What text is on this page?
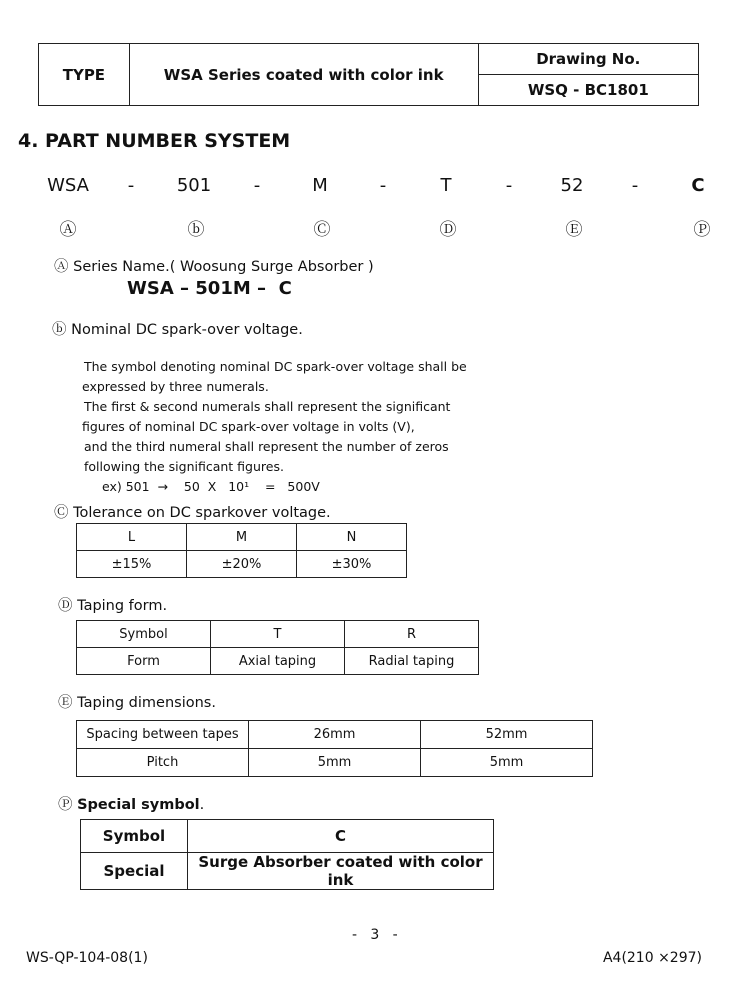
TYPE	WSA Series coated with color ink	Drawing No.
WSQ - BC1801
4. PART NUMBER SYSTEM
WSA - 501 -	M	-	T	-	52	-	C
Ⓐ	ⓑ	Ⓒ	Ⓓ	Ⓔ	Ⓟ
Ⓐ Series Name.( Woosung Surge Absorber )
WSA – 501M –  C
ⓑ Nominal DC spark-over voltage.
The symbol denoting nominal DC spark-over voltage shall be
expressed by three numerals.
The first & second numerals shall represent the significant
figures of nominal DC spark-over voltage in volts (V),
and the third numeral shall represent the number of zeros
following the significant figures.
ex) 501  →    50  X   10¹    =   500V
Ⓒ Tolerance on DC sparkover voltage.
L	M	N
±15%	±20%	±30%
Ⓓ Taping form.
Symbol	T	R
Form	Axial taping	Radial taping
Ⓔ Taping dimensions.
Spacing between tapes	26mm	52mm
Pitch	5mm	5mm
Ⓟ Special symbol.
Symbol	C
Special	Surge Absorber coated with color ink
-   3   -
WS-QP-104-08(1)	A4(210 ×297)
